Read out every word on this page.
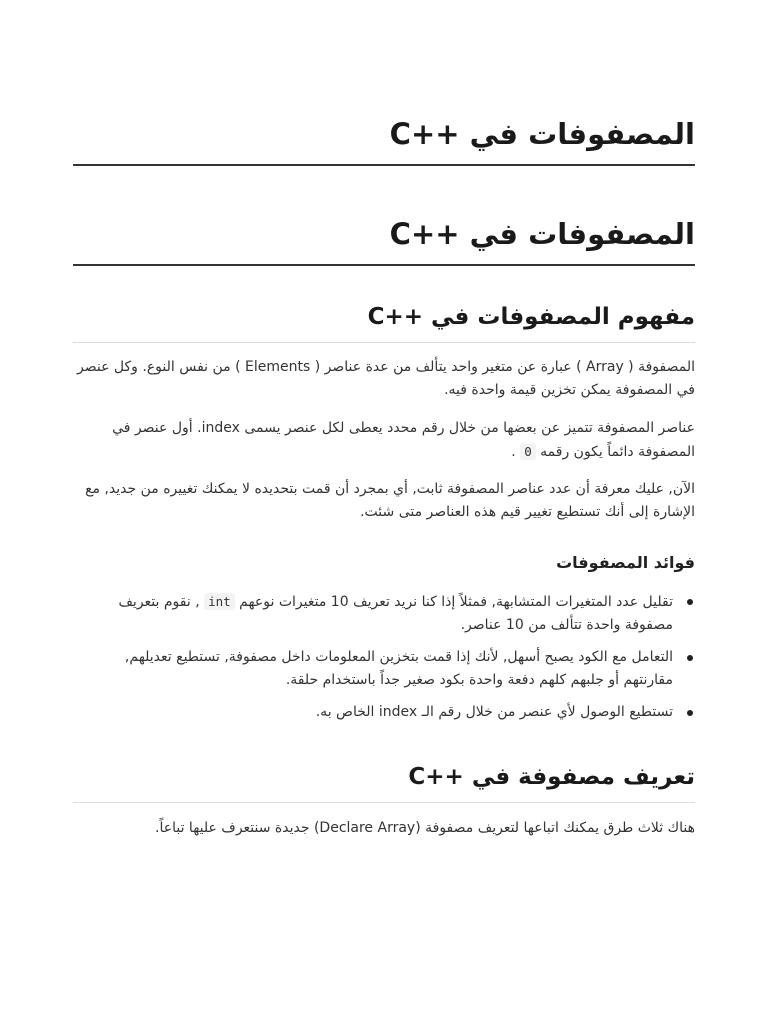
المصفوفات في ++C
المصفوفات في ++C
مفهوم المصفوفات في ++C

المصفوفة ( Array ) عبارة عن متغير واحد يتألف من عدة عناصر ( Elements ) من نفس النوع. وكل عنصر في المصفوفة يمكن تخزين قيمة واحدة فيه.

عناصر المصفوفة تتميز عن بعضها من خلال رقم محدد يعطى لكل عنصر يسمى index. أول عنصر في المصفوفة دائماً يكون رقمه 0 .

الآن, عليك معرفة أن عدد عناصر المصفوفة ثابت, أي بمجرد أن قمت بتحديده لا يمكنك تغييره من جديد, مع الإشارة إلى أنك تستطيع تغيير قيم هذه العناصر متى شئت.

فوائد المصفوفات
تقليل عدد المتغيرات المتشابهة, فمثلاً إذا كنا نريد تعريف 10 متغيرات نوعهم int , نقوم بتعريف مصفوفة واحدة تتألف من 10 عناصر.
التعامل مع الكود يصبح أسهل, لأنك إذا قمت بتخزين المعلومات داخل مصفوفة, تستطيع تعديلهم, مقارنتهم أو جلبهم كلهم دفعة واحدة بكود صغير جداً باستخدام حلقة.
تستطيع الوصول لأي عنصر من خلال رقم الـ index الخاص به.
تعريف مصفوفة في ++C

هناك ثلاث طرق يمكنك اتباعها لتعريف مصفوفة (Declare Array) جديدة سنتعرف عليها تباعاً.
